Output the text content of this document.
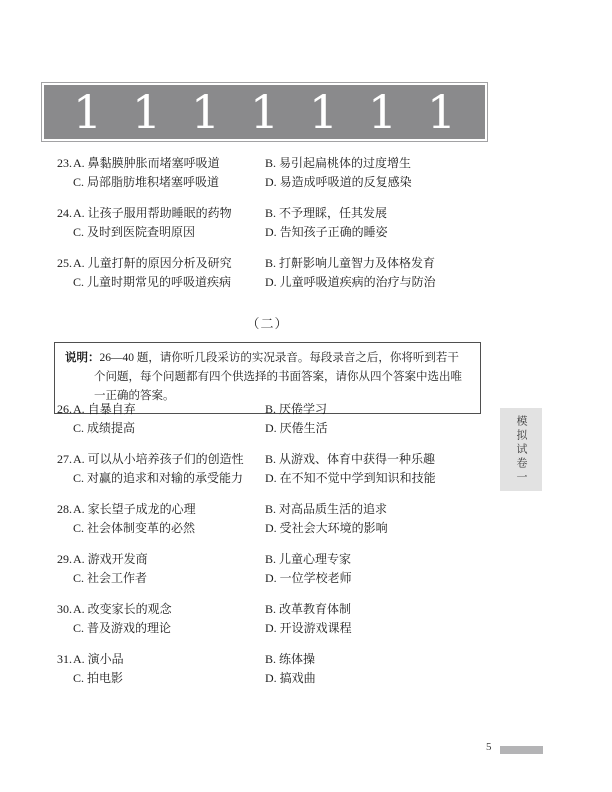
1 1 1 1 1 1 1
23. A. 鼻黏膜肿胀而堵塞呼吸道	B. 易引起扁桃体的过度增生
C. 局部脂肪堆积堵塞呼吸道	D. 易造成呼吸道的反复感染
24. A. 让孩子服用帮助睡眠的药物	B. 不予理睬，任其发展
C. 及时到医院查明原因	D. 告知孩子正确的睡姿
25. A. 儿童打鼾的原因分析及研究	B. 打鼾影响儿童智力及体格发育
C. 儿童时期常见的呼吸道疾病	D. 儿童呼吸道疾病的治疗与防治
（二）
说明：26—40 题，请你听几段采访的实况录音。每段录音之后，你将听到若干个问题，每个问题都有四个供选择的书面答案，请你从四个答案中选出唯一正确的答案。
26. A. 自暴自弃	B. 厌倦学习
C. 成绩提高	D. 厌倦生活
27. A. 可以从小培养孩子们的创造性	B. 从游戏、体育中获得一种乐趣
C. 对赢的追求和对输的承受能力	D. 在不知不觉中学到知识和技能
28. A. 家长望子成龙的心理	B. 对高品质生活的追求
C. 社会体制变革的必然	D. 受社会大环境的影响
29. A. 游戏开发商	B. 儿童心理专家
C. 社会工作者	D. 一位学校老师
30. A. 改变家长的观念	B. 改革教育体制
C. 普及游戏的理论	D. 开设游戏课程
31. A. 演小品	B. 练体操
C. 拍电影	D. 搞戏曲
模拟试卷一
5
